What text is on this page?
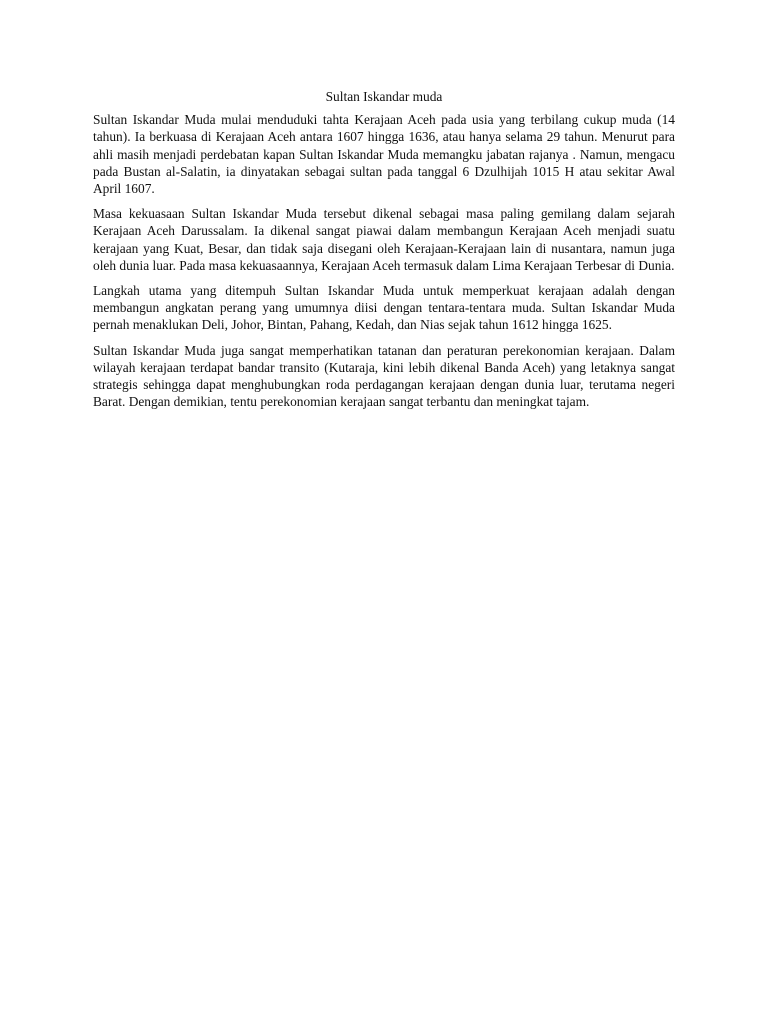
Sultan Iskandar muda

Sultan Iskandar Muda mulai menduduki tahta Kerajaan Aceh pada usia yang terbilang cukup muda (14 tahun). Ia berkuasa di Kerajaan Aceh antara 1607 hingga 1636, atau hanya selama 29 tahun. Menurut para ahli masih menjadi perdebatan kapan Sultan Iskandar Muda memangku jabatan rajanya . Namun, mengacu pada Bustan al-Salatin, ia dinyatakan sebagai sultan pada tanggal 6 Dzulhijah 1015 H atau sekitar Awal April 1607.

Masa kekuasaan Sultan Iskandar Muda tersebut dikenal sebagai masa paling gemilang dalam sejarah Kerajaan Aceh Darussalam. Ia dikenal sangat piawai dalam membangun Kerajaan Aceh menjadi suatu kerajaan yang Kuat, Besar, dan tidak saja disegani oleh Kerajaan-Kerajaan lain di nusantara, namun juga oleh dunia luar. Pada masa kekuasaannya, Kerajaan Aceh termasuk dalam Lima Kerajaan Terbesar di Dunia.

Langkah utama yang ditempuh Sultan Iskandar Muda untuk memperkuat kerajaan adalah dengan membangun angkatan perang yang umumnya diisi dengan tentara-tentara muda. Sultan Iskandar Muda pernah menaklukan Deli, Johor, Bintan, Pahang, Kedah, dan Nias sejak tahun 1612 hingga 1625.

Sultan Iskandar Muda juga sangat memperhatikan tatanan dan peraturan perekonomian kerajaan. Dalam wilayah kerajaan terdapat bandar transito (Kutaraja, kini lebih dikenal Banda Aceh) yang letaknya sangat strategis sehingga dapat menghubungkan roda perdagangan kerajaan dengan dunia luar, terutama negeri Barat. Dengan demikian, tentu perekonomian kerajaan sangat terbantu dan meningkat tajam.
